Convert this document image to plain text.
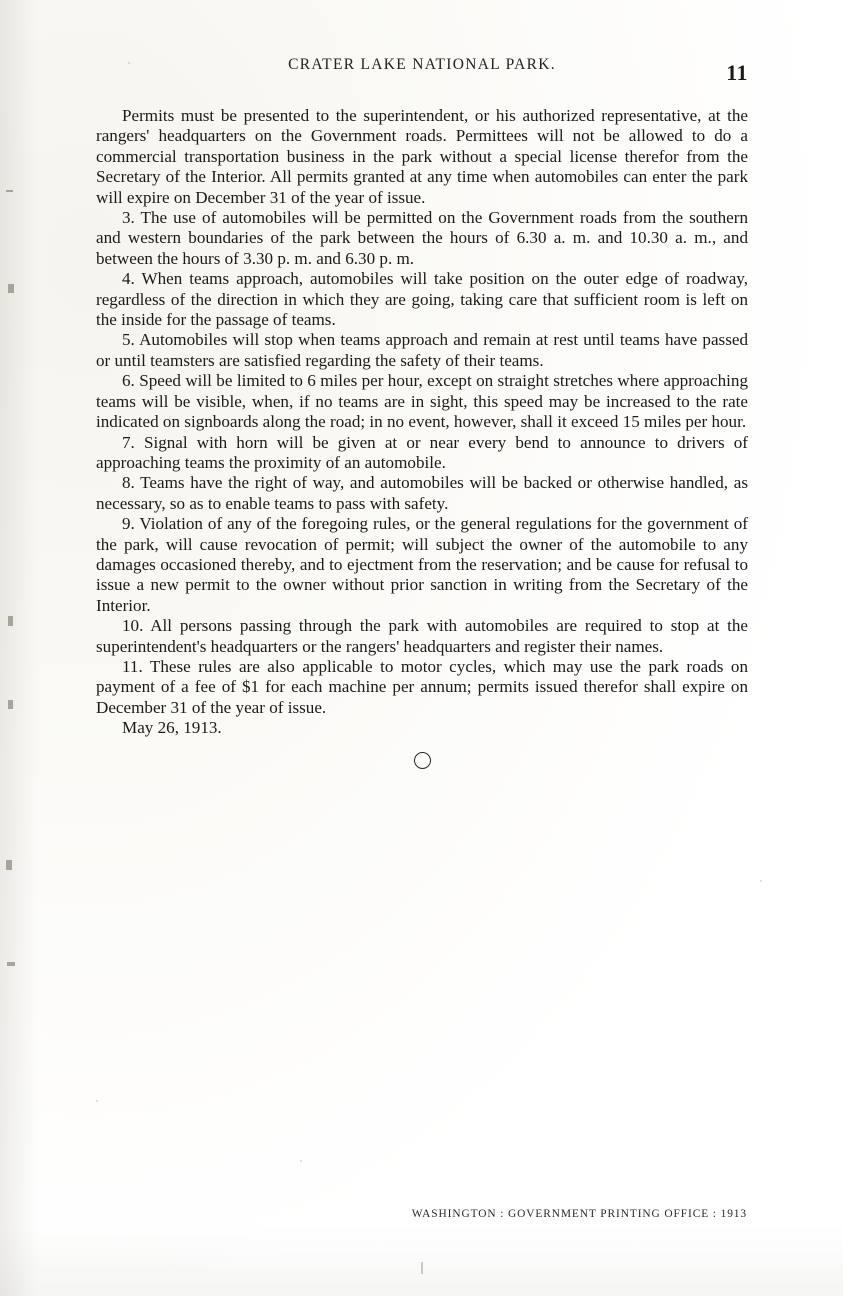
CRATER LAKE NATIONAL PARK.	11

Permits must be presented to the superintendent, or his authorized representative, at the rangers' headquarters on the Government roads. Permittees will not be allowed to do a commercial transportation business in the park without a special license therefor from the Secretary of the Interior. All permits granted at any time when automobiles can enter the park will expire on December 31 of the year of issue.

3. The use of automobiles will be permitted on the Government roads from the southern and western boundaries of the park between the hours of 6.30 a. m. and 10.30 a. m., and between the hours of 3.30 p. m. and 6.30 p. m.

4. When teams approach, automobiles will take position on the outer edge of roadway, regardless of the direction in which they are going, taking care that sufficient room is left on the inside for the passage of teams.

5. Automobiles will stop when teams approach and remain at rest until teams have passed or until teamsters are satisfied regarding the safety of their teams.

6. Speed will be limited to 6 miles per hour, except on straight stretches where approaching teams will be visible, when, if no teams are in sight, this speed may be increased to the rate indicated on signboards along the road; in no event, however, shall it exceed 15 miles per hour.

7. Signal with horn will be given at or near every bend to announce to drivers of approaching teams the proximity of an automobile.

8. Teams have the right of way, and automobiles will be backed or otherwise handled, as necessary, so as to enable teams to pass with safety.

9. Violation of any of the foregoing rules, or the general regulations for the government of the park, will cause revocation of permit; will subject the owner of the automobile to any damages occasioned thereby, and to ejectment from the reservation; and be cause for refusal to issue a new permit to the owner without prior sanction in writing from the Secretary of the Interior.

10. All persons passing through the park with automobiles are required to stop at the superintendent's headquarters or the rangers' headquarters and register their names.

11. These rules are also applicable to motor cycles, which may use the park roads on payment of a fee of $1 for each machine per annum; permits issued therefor shall expire on December 31 of the year of issue.

May 26, 1913.

WASHINGTON : GOVERNMENT PRINTING OFFICE : 1913
